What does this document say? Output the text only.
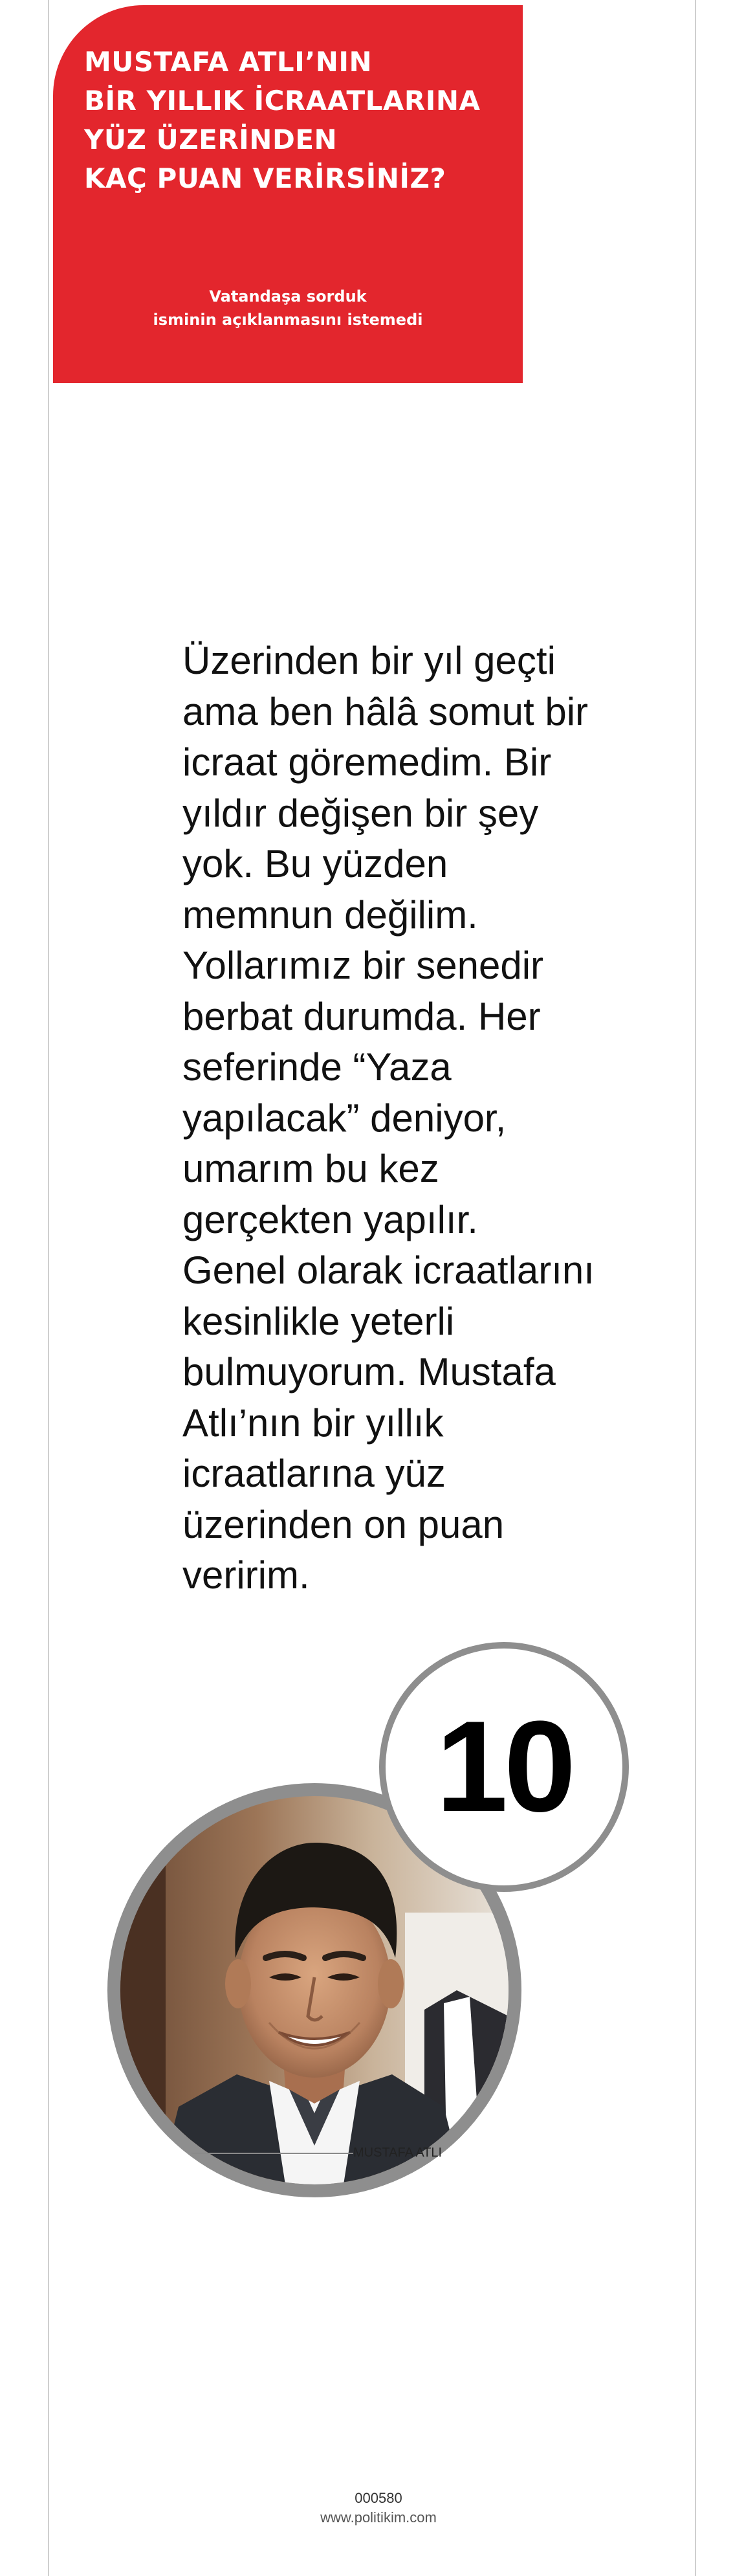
MUSTAFA ATLI’NIN
BİR YILLIK İCRAATLARINA
YÜZ ÜZERİNDEN
KAÇ PUAN VERİRSİNİZ?
Vatandaşa sorduk
isminin açıklanmasını istemedi

Üzerinden bir yıl geçti
ama ben hâlâ somut bir
icraat göremedim. Bir
yıldır değişen bir şey
yok. Bu yüzden
memnun değilim.
Yollarımız bir senedir
berbat durumda. Her
seferinde “Yaza
yapılacak” deniyor,
umarım bu kez
gerçekten yapılır.
Genel olarak icraatlarını
kesinlikle yeterli
bulmuyorum. Mustafa
Atlı’nın bir yıllık
icraatlarına yüz
üzerinden on puan
veririm.

10
MUSTAFA ATLI
000580
www.politikim.com
